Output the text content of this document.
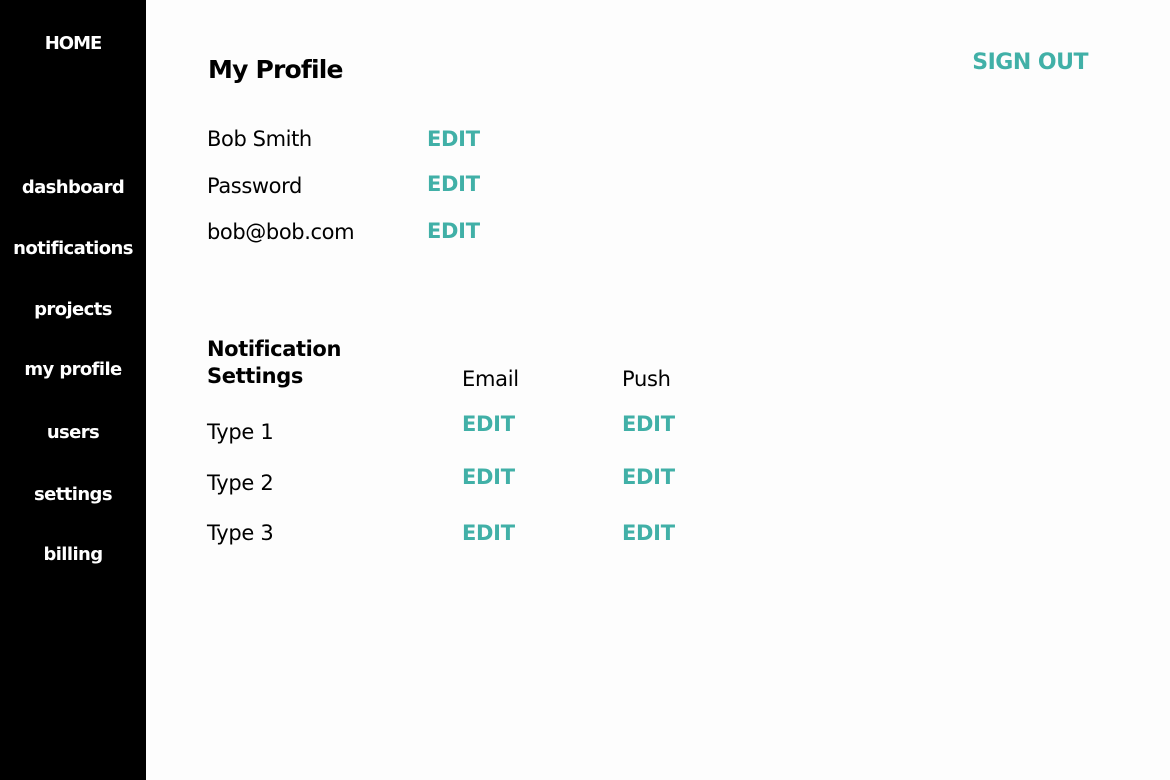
HOME
dashboard
notifications
projects
my profile
users
settings
billing
My Profile	SIGN OUT
Bob Smith	EDIT
Password	EDIT
bob@bob.com	EDIT
Notification
Settings	Email	Push
Type 1	EDIT	EDIT
Type 2	EDIT	EDIT
Type 3	EDIT	EDIT
